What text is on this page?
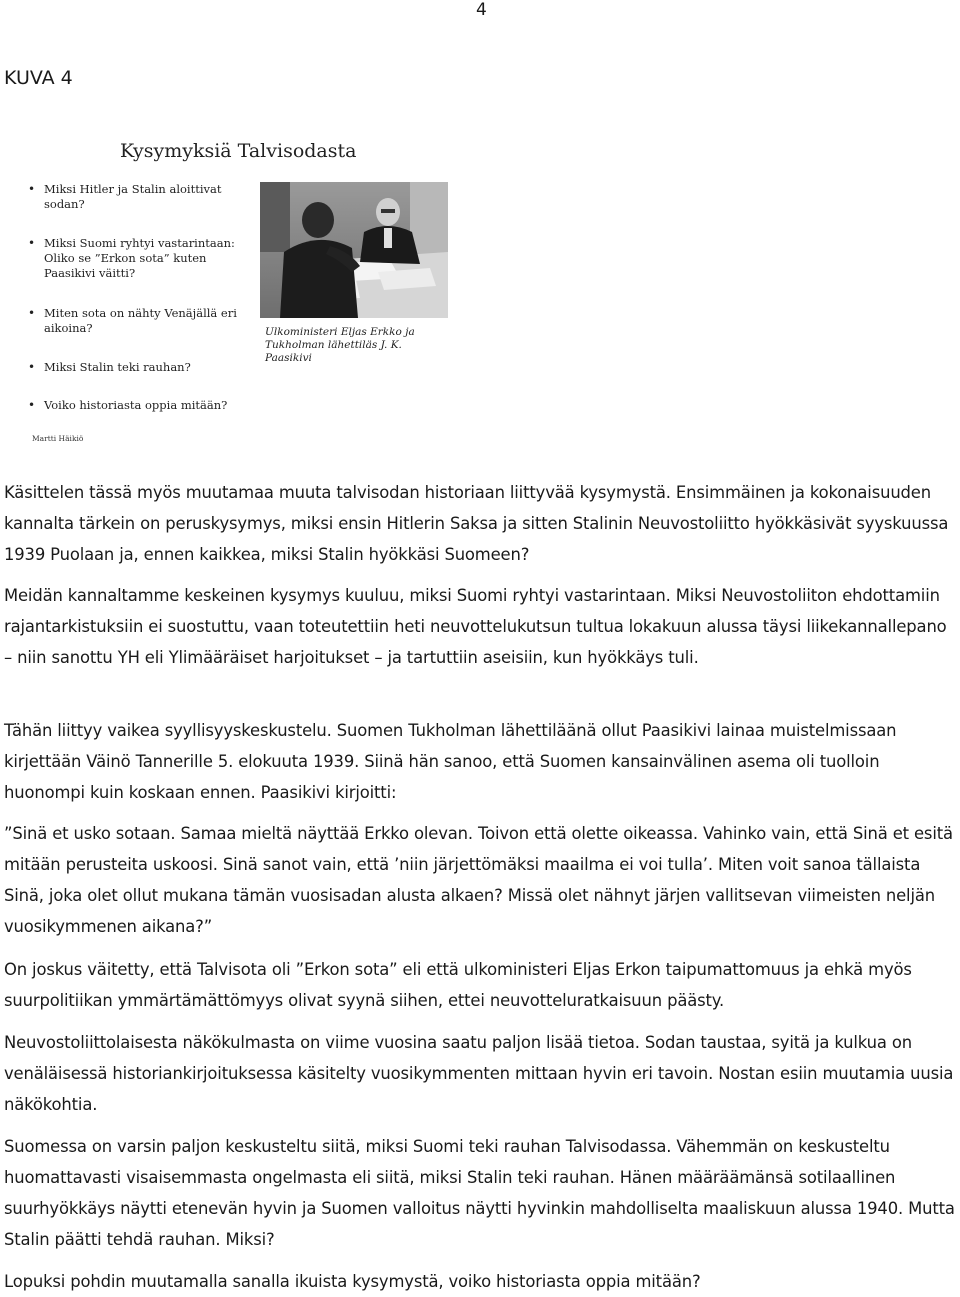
4
KUVA 4
Kysymyksiä Talvisodasta
• Miksi Hitler ja Stalin aloittivat
sodan?
• Miksi Suomi ryhtyi vastarintaan:
Oliko se ”Erkon sota” kuten
Paasikivi väitti?
• Miten sota on nähty Venäjällä eri
aikoina?
• Miksi Stalin teki rauhan?
• Voiko historiasta oppia mitään?
Ulkoministeri Eljas Erkko ja
Tukholman lähettiläs J. K. Paasikivi
Martti Häikiö

Käsittelen tässä myös muutamaa muuta talvisodan historiaan liittyvää kysymystä. Ensimmäinen ja kokonaisuuden kannalta tärkein on peruskysymys, miksi ensin Hitlerin Saksa ja sitten Stalinin Neuvostoliitto hyökkäsivät syyskuussa 1939 Puolaan ja, ennen kaikkea, miksi Stalin hyökkäsi Suomeen?

Meidän kannaltamme keskeinen kysymys kuuluu, miksi Suomi ryhtyi vastarintaan. Miksi Neuvostoliiton ehdottamiin rajantarkistuksiin ei suostuttu, vaan toteutettiin heti neuvottelukutsun tultua lokakuun alussa täysi liikekannallepano – niin sanottu YH eli Ylimääräiset harjoitukset – ja tartuttiin aseisiin, kun hyökkäys tuli.

Tähän liittyy vaikea syyllisyyskeskustelu. Suomen Tukholman lähettiläänä ollut Paasikivi lainaa muistelmissaan kirjettään Väinö Tannerille 5. elokuuta 1939. Siinä hän sanoo, että Suomen kansainvälinen asema oli tuolloin huonompi kuin koskaan ennen. Paasikivi kirjoitti:

”Sinä et usko sotaan. Samaa mieltä näyttää Erkko olevan. Toivon että olette oikeassa. Vahinko vain, että Sinä et esitä mitään perusteita uskoosi. Sinä sanot vain, että ’niin järjettömäksi maailma ei voi tulla’. Miten voit sanoa tällaista Sinä, joka olet ollut mukana tämän vuosisadan alusta alkaen? Missä olet nähnyt järjen vallitsevan viimeisten neljän vuosikymmenen aikana?”

On joskus väitetty, että Talvisota oli ”Erkon sota” eli että ulkoministeri Eljas Erkon taipumattomuus ja ehkä myös suurpolitiikan ymmärtämättömyys olivat syynä siihen, ettei neuvotteluratkaisuun päästy.

Neuvostoliittolaisesta näkökulmasta on viime vuosina saatu paljon lisää tietoa. Sodan taustaa, syitä ja kulkua on venäläisessä historiankirjoituksessa käsitelty vuosikymmenten mittaan hyvin eri tavoin. Nostan esiin muutamia uusia näkökohtia.

Suomessa on varsin paljon keskusteltu siitä, miksi Suomi teki rauhan Talvisodassa. Vähemmän on keskusteltu huomattavasti visaisemmasta ongelmasta eli siitä, miksi Stalin teki rauhan. Hänen määräämänsä sotilaallinen suurhyökkäys näytti etenevän hyvin ja Suomen valloitus näytti hyvinkin mahdolliselta maaliskuun alussa 1940. Mutta Stalin päätti tehdä rauhan. Miksi?

Lopuksi pohdin muutamalla sanalla ikuista kysymystä, voiko historiasta oppia mitään?
